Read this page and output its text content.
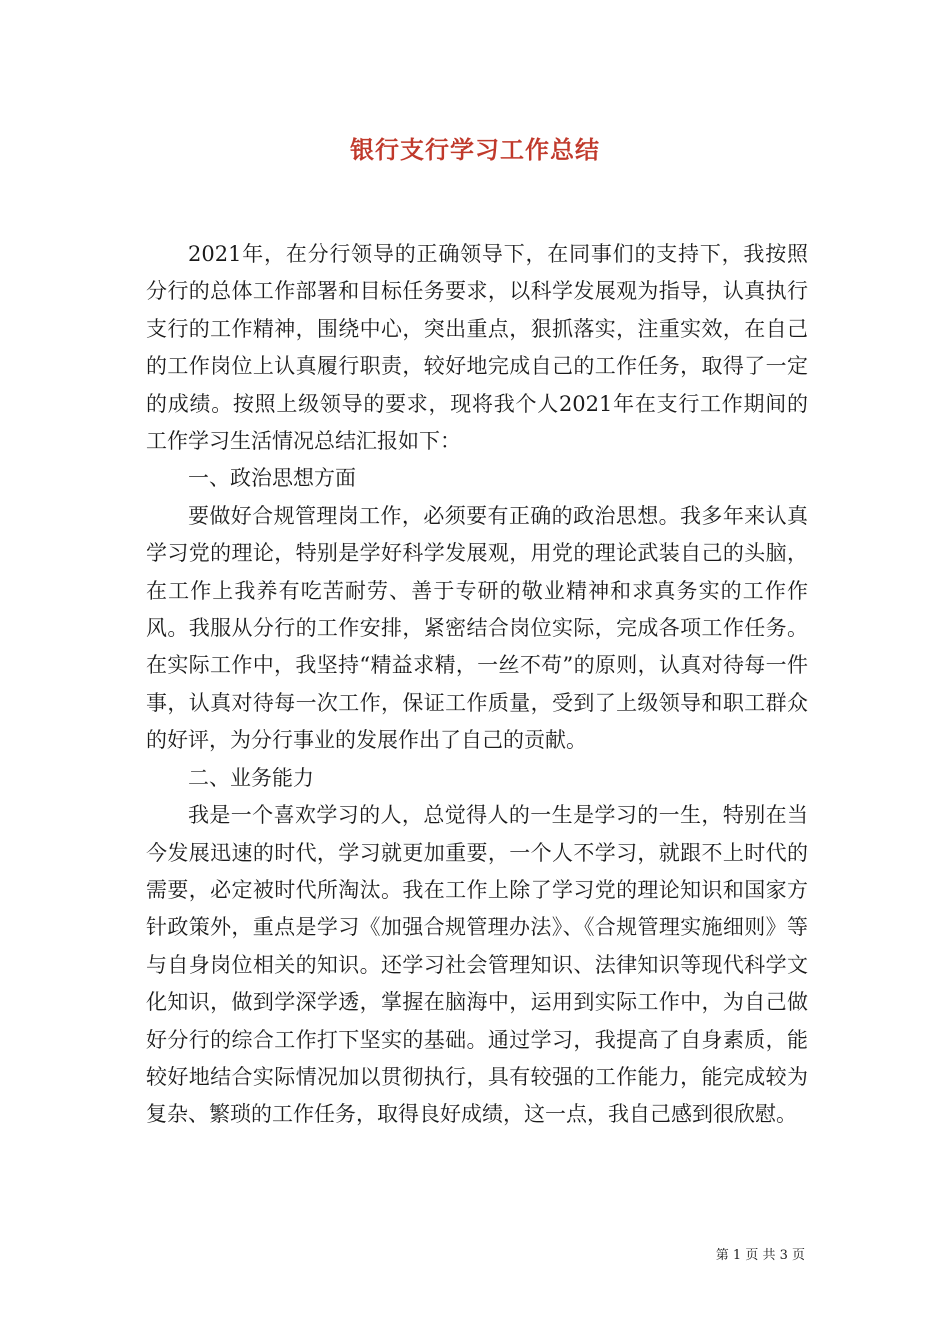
银行支行学习工作总结

2021年，在分行领导的正确领导下，在同事们的支持下，我按照分行的总体工作部署和目标任务要求，以科学发展观为指导，认真执行支行的工作精神，围绕中心，突出重点，狠抓落实，注重实效，在自己的工作岗位上认真履行职责，较好地完成自己的工作任务，取得了一定的成绩。按照上级领导的要求，现将我个人2021年在支行工作期间的工作学习生活情况总结汇报如下：

一、政治思想方面

要做好合规管理岗工作，必须要有正确的政治思想。我多年来认真学习党的理论，特别是学好科学发展观，用党的理论武装自己的头脑，在工作上我养有吃苦耐劳、善于专研的敬业精神和求真务实的工作作风。我服从分行的工作安排，紧密结合岗位实际，完成各项工作任务。在实际工作中，我坚持“精益求精，一丝不苟”的原则，认真对待每一件事，认真对待每一次工作，保证工作质量，受到了上级领导和职工群众的好评，为分行事业的发展作出了自己的贡献。

二、业务能力

我是一个喜欢学习的人，总觉得人的一生是学习的一生，特别在当今发展迅速的时代，学习就更加重要，一个人不学习，就跟不上时代的需要，必定被时代所淘汰。我在工作上除了学习党的理论知识和国家方针政策外，重点是学习《加强合规管理办法》、《合规管理实施细则》等与自身岗位相关的知识。还学习社会管理知识、法律知识等现代科学文化知识，做到学深学透，掌握在脑海中，运用到实际工作中，为自己做好分行的综合工作打下坚实的基础。通过学习，我提高了自身素质，能较好地结合实际情况加以贯彻执行，具有较强的工作能力，能完成较为复杂、繁琐的工作任务，取得良好成绩，这一点，我自己感到很欣慰。

第 1 页 共 3 页
